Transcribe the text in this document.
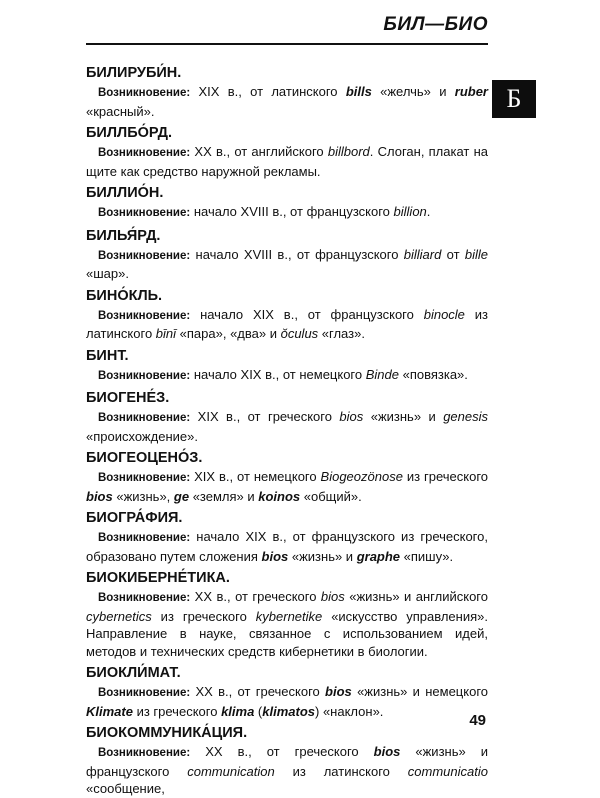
БИЛ—БИО
Б
БИЛИРУБИ́Н.
Возникновение: XIX в., от латинского bills «желчь» и ruber «красный».
БИЛЛБО́РД.
Возникновение: XX в., от английского billbord. Слоган, плакат на щите как средство наружной рекламы.
БИЛЛИО́Н.
Возникновение: начало XVIII в., от французского billion.
БИЛЬЯ́РД.
Возникновение: начало XVIII в., от французского billiard от bille «шар».
БИНО́КЛЬ.
Возникновение: начало XIX в., от французского binocle из латинского bīnī «пара», «два» и ŏculus «глаз».
БИНТ.
Возникновение: начало XIX в., от немецкого Binde «повязка».
БИОГЕНЕ́З.
Возникновение: XIX в., от греческого bios «жизнь» и genesis «происхождение».
БИОГЕОЦЕНО́З.
Возникновение: XIX в., от немецкого Biogeozönose из греческого bios «жизнь», ge «земля» и koinos «общий».
БИОГРА́ФИЯ.
Возникновение: начало XIX в., от французского из греческого, образовано путем сложения bios «жизнь» и graphe «пишу».
БИОКИБЕРНЕ́ТИКА.
Возникновение: XX в., от греческого bios «жизнь» и английского cybernetics из греческого kybernetike «искусство управления». Направление в науке, связанное с использованием идей, методов и технических средств кибернетики в биологии.
БИОКЛИ́МАТ.
Возникновение: XX в., от греческого bios «жизнь» и немецкого Klimate из греческого klima (klimatos) «наклон».
БИОКОММУНИКА́ЦИЯ.
Возникновение: XX в., от греческого bios «жизнь» и французского communication из латинского communicatio «сообщение,
49
